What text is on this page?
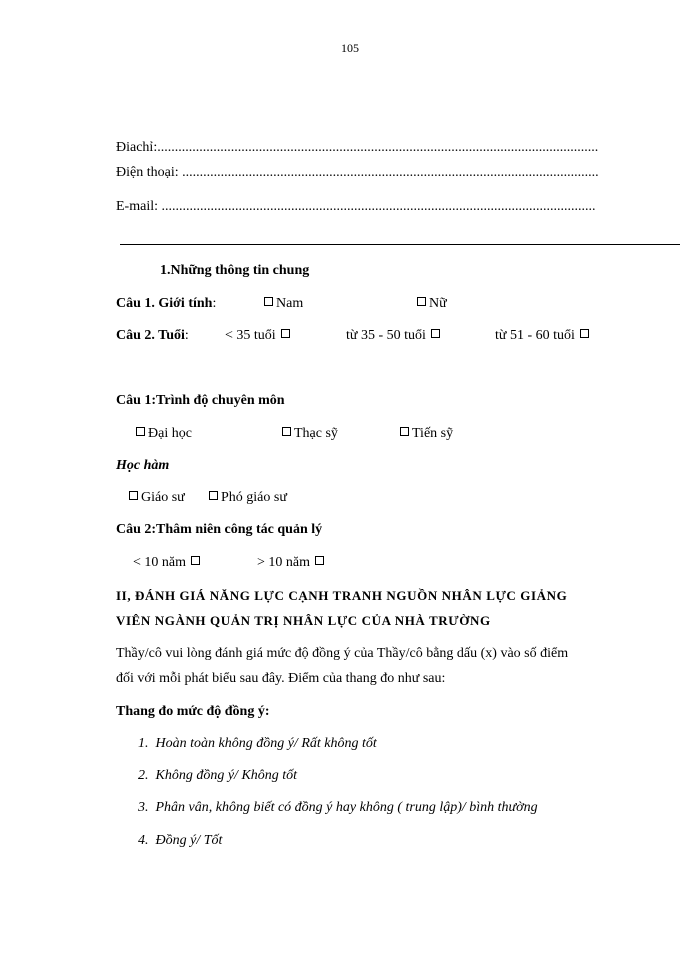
105
Điachỉ:..............................................................................................................................
Điện thoại: .......................................................................................................................
E-mail: ............................................................................................................................
1.Những thông tin chung
Câu 1. Giới tính:	Nam	Nữ
Câu 2. Tuổi:	< 35 tuổi	từ 35 - 50 tuổi	từ 51 - 60 tuổi
Câu 1:Trình độ chuyên môn
Đại học	Thạc sỹ	Tiến sỹ
Học hàm
Giáo sư	Phó giáo sư
Câu 2:Thâm niên công tác quản lý
< 10 năm	> 10 năm
II, ĐÁNH GIÁ NĂNG LỰC CẠNH TRANH NGUỒN NHÂN LỰC GIẢNG
VIÊN NGÀNH QUẢN TRỊ NHÂN LỰC CỦA NHÀ TRƯỜNG
Thầy/cô vui lòng đánh giá mức độ đồng ý của Thầy/cô bằng dấu (x) vào số điểm
đối với mỗi phát biểu sau đây. Điểm của thang đo như sau:
Thang đo mức độ đồng ý:
1. Hoàn toàn không đồng ý/ Rất không tốt
2. Không đồng ý/ Không tốt
3. Phân vân, không biết có đồng ý hay không ( trung lập)/ bình thường
4. Đồng ý/ Tốt
